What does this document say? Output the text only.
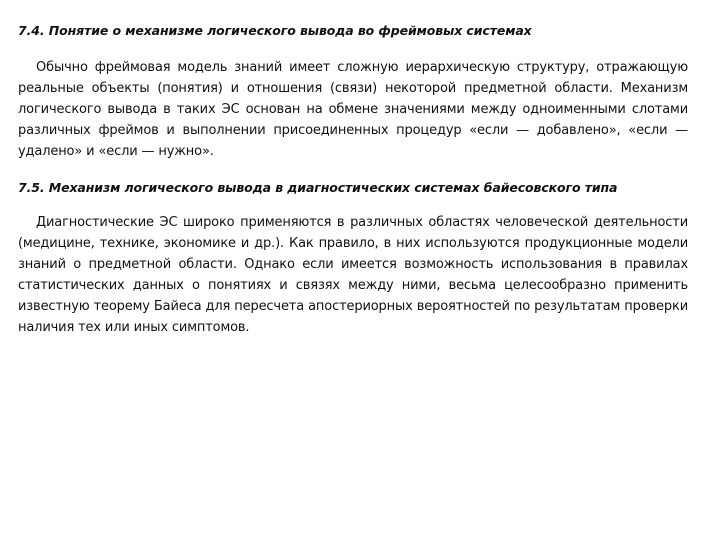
7.4. Понятие о механизме логического вывода во фреймовых системах

Обычно фреймовая модель знаний имеет сложную иерархическую структуру, отражающую реальные объекты (понятия) и отношения (связи) некоторой предметной области. Механизм логического вывода в таких ЭС основан на обмене значениями между одноименными слотами различных фреймов и выполнении присоединенных процедур «если — добавлено», «если — удалено» и «если — нужно».

7.5. Механизм логического вывода в диагностических системах байесовского типа

Диагностические ЭС широко применяются в различных областях человеческой деятельности (медицине, технике, экономике и др.). Как правило, в них используются продукционные модели знаний о предметной области. Однако если имеется возможность использования в правилах статистических данных о понятиях и связях между ними, весьма целесообразно применить известную теорему Байеса для пересчета апостериорных вероятностей по результатам проверки наличия тех или иных симптомов.
